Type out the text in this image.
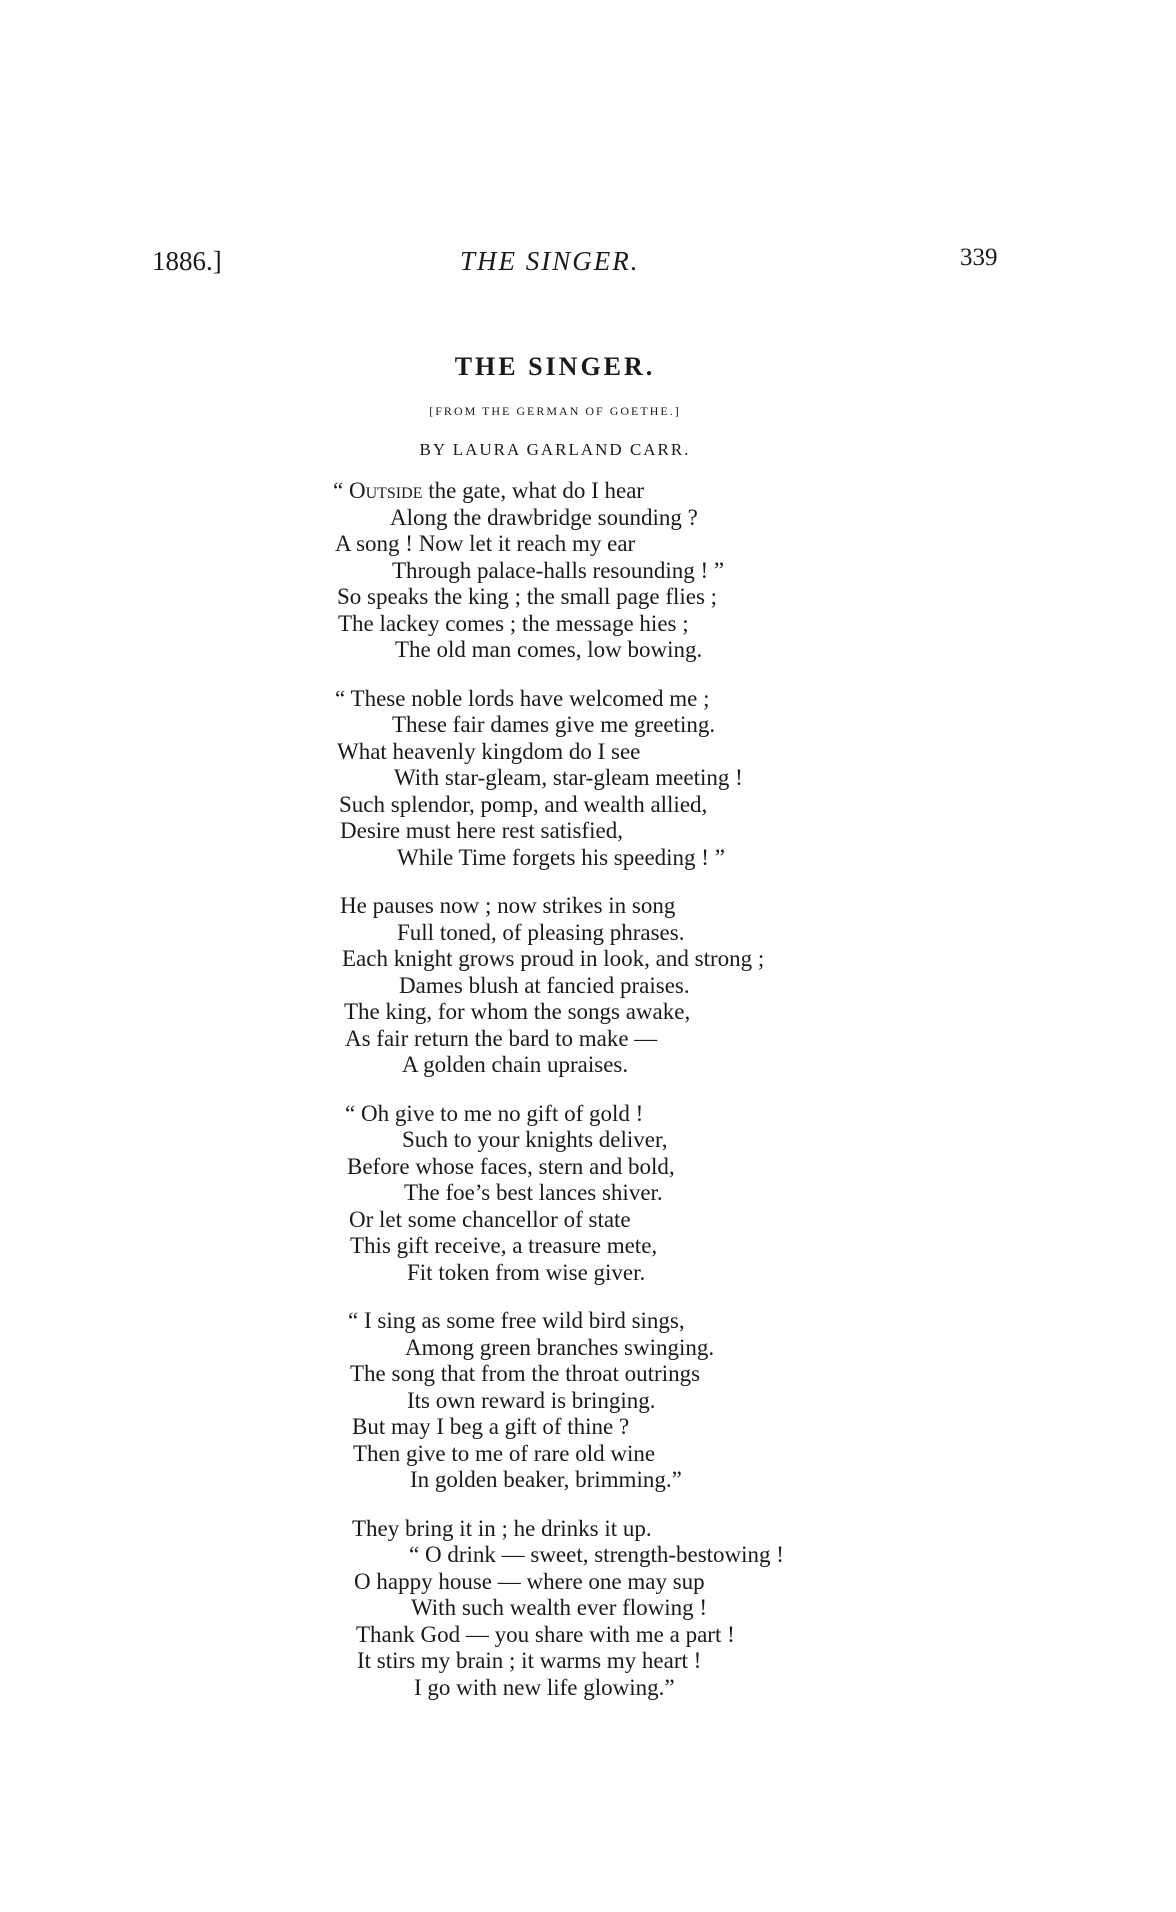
1886.]	THE SINGER.	339
THE SINGER.
[FROM THE GERMAN OF GOETHE.]
BY LAURA GARLAND CARR.
“ Outside the gate, what do I hear
Along the drawbridge sounding ?
A song ! Now let it reach my ear
Through palace-halls resounding ! ”
So speaks the king ; the small page flies ;
The lackey comes ; the message hies ;
The old man comes, low bowing.
“ These noble lords have welcomed me ;
These fair dames give me greeting.
What heavenly kingdom do I see
With star-gleam, star-gleam meeting !
Such splendor, pomp, and wealth allied,
Desire must here rest satisfied,
While Time forgets his speeding ! ”
He pauses now ; now strikes in song
Full toned, of pleasing phrases.
Each knight grows proud in look, and strong ;
Dames blush at fancied praises.
The king, for whom the songs awake,
As fair return the bard to make —
A golden chain upraises.
“ Oh give to me no gift of gold !
Such to your knights deliver,
Before whose faces, stern and bold,
The foe’s best lances shiver.
Or let some chancellor of state
This gift receive, a treasure mete,
Fit token from wise giver.
“ I sing as some free wild bird sings,
Among green branches swinging.
The song that from the throat outrings
Its own reward is bringing.
But may I beg a gift of thine ?
Then give to me of rare old wine
In golden beaker, brimming.”
They bring it in ; he drinks it up.
“ O drink — sweet, strength-bestowing !
O happy house — where one may sup
With such wealth ever flowing !
Thank God — you share with me a part !
It stirs my brain ; it warms my heart !
I go with new life glowing.”
